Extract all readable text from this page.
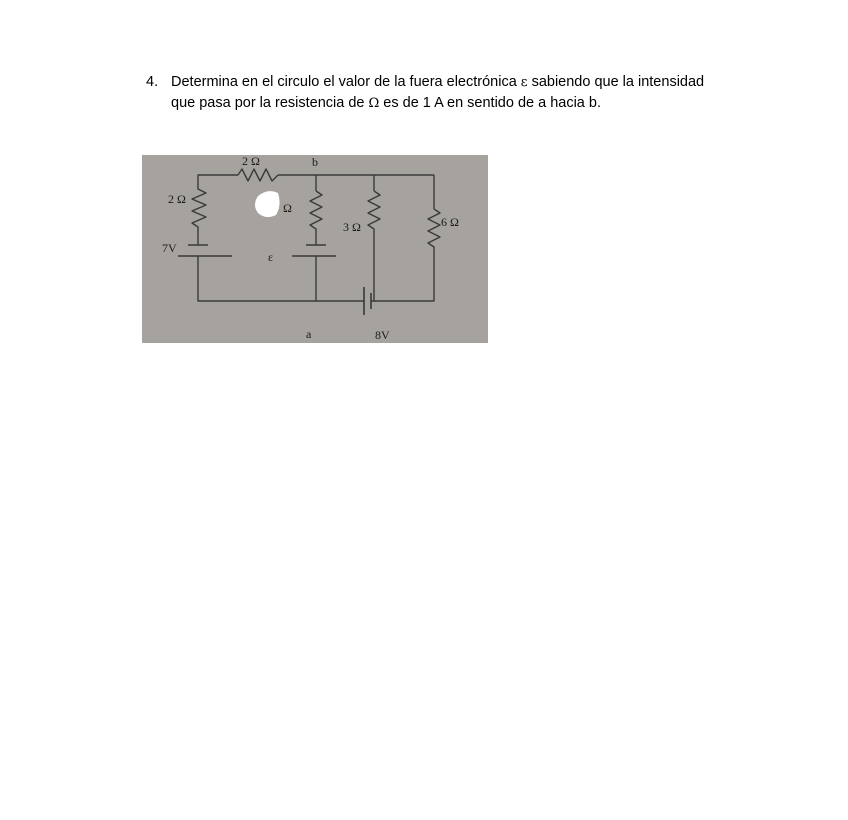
4. Determina en el circulo el valor de la fuera electrónica ε sabiendo que la intensidad
que pasa por la resistencia de Ω es de 1 A en sentido de a hacia b.
2 Ω	b
2 Ω
Ω
3 Ω	6 Ω
7V
ε
a	8V
